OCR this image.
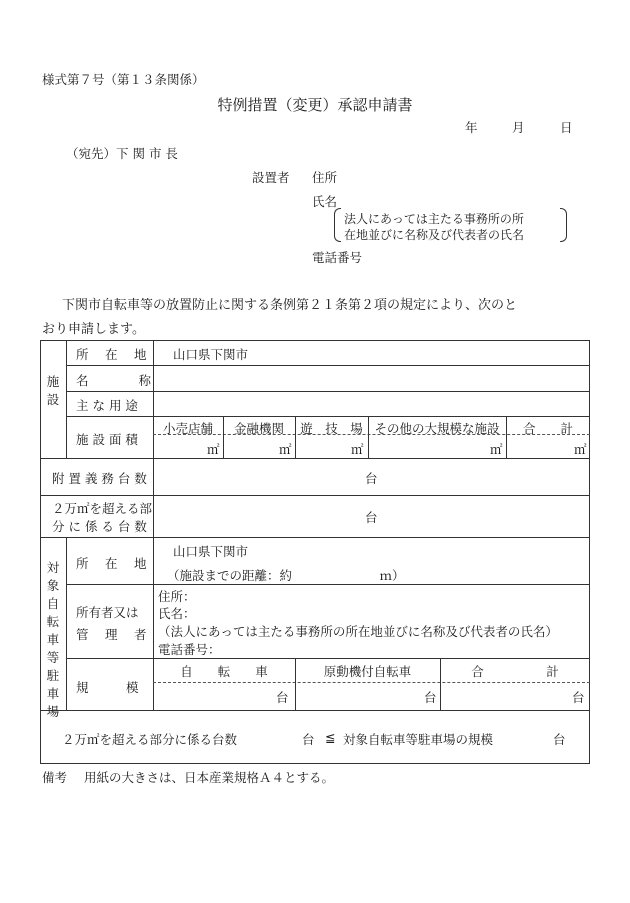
様式第７号（第１３条関係）
特例措置（変更）承認申請書
年	月	日
（宛先）下 関 市 長
設置者 住所
氏名
法人にあっては主たる事務所の所
在地並びに名称及び代表者の氏名
電話番号
下関市自転車等の放置防止に関する条例第２１条第２項の規定により、次のと
おり申請します。
施設
所　 在　 地 山口県下関市
名　　　　称
主 な 用 途
施 設 面 積
小売店舗	金融機関	遊　技　場 その他の大規模な施設	合　　計
㎡	㎡	㎡	㎡	㎡
附 置 義 務 台 数	台
２万㎡を超える部
分 に 係 る 台 数
台
対象自転車等駐車場
所　 在　 地
山口県下関市
（施設までの距離：約　　　　　　　ｍ）
所有者又は
管　 理　 者
住所：
氏名：
（法人にあっては主たる事務所の所在地並びに名称及び代表者の氏名）
電話番号：
規　　　模
自　　転　　車	原動機付自転車	合　　　　　計
台	台	台
２万㎡を超える部分に係る台数	台 ≦ 対象自転車等駐車場の規模	台
備考 用紙の大きさは、日本産業規格Ａ４とする。
